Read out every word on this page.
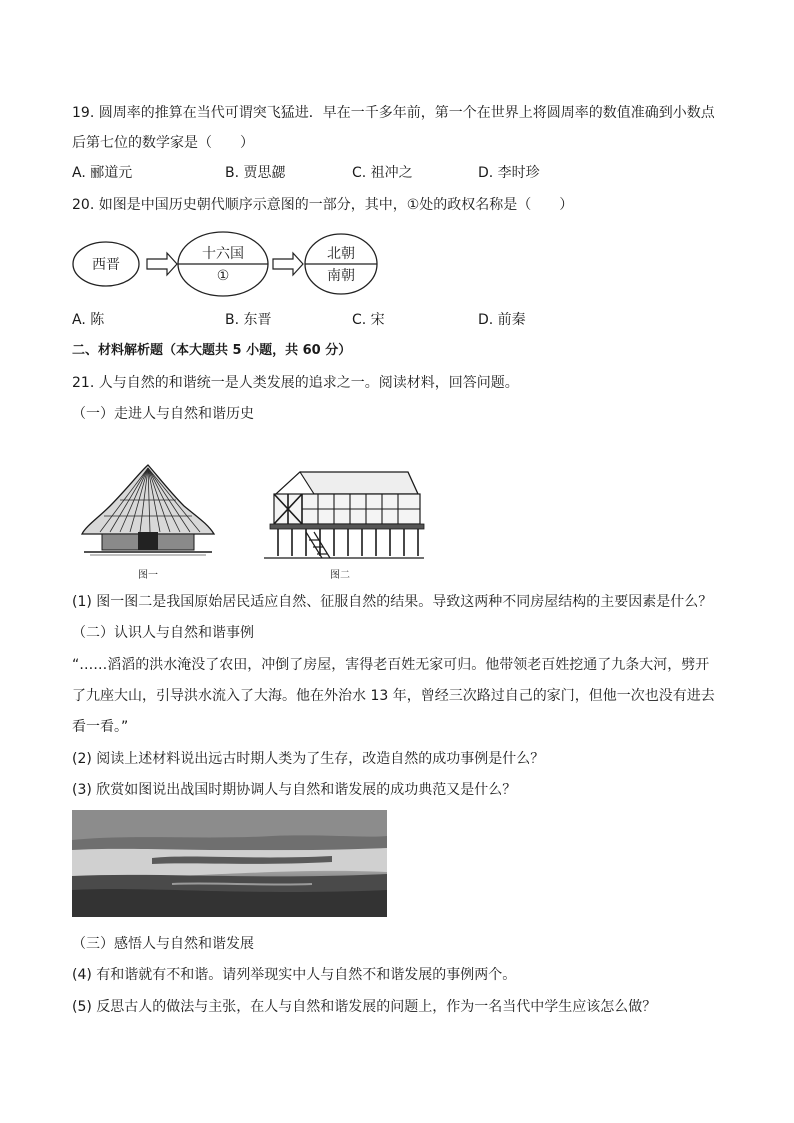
19. 圆周率的推算在当代可谓突飞猛进．早在一千多年前，第一个在世界上将圆周率的数值准确到小数点
后第七位的数学家是（　　）
A. 郦道元	B. 贾思勰	C. 祖冲之	D. 李时珍
20. 如图是中国历史朝代顺序示意图的一部分，其中，①处的政权名称是（　　）
西晋
十六国
①
北朝
南朝
A. 陈	B. 东晋	C. 宋	D. 前秦
二、材料解析题（本大题共 5 小题，共 60 分）
21. 人与自然的和谐统一是人类发展的追求之一。阅读材料，回答问题。
（一）走进人与自然和谐历史
图一	图二
(1) 图一图二是我国原始居民适应自然、征服自然的结果。导致这两种不同房屋结构的主要因素是什么？
（二）认识人与自然和谐事例
“……滔滔的洪水淹没了农田，冲倒了房屋，害得老百姓无家可归。他带领老百姓挖通了九条大河，劈开
了九座大山，引导洪水流入了大海。他在外治水 13 年，曾经三次路过自己的家门，但他一次也没有进去
看一看。”
(2) 阅读上述材料说出远古时期人类为了生存，改造自然的成功事例是什么？
(3) 欣赏如图说出战国时期协调人与自然和谐发展的成功典范又是什么？
（三）感悟人与自然和谐发展
(4) 有和谐就有不和谐。请列举现实中人与自然不和谐发展的事例两个。
(5) 反思古人的做法与主张，在人与自然和谐发展的问题上，作为一名当代中学生应该怎么做？
